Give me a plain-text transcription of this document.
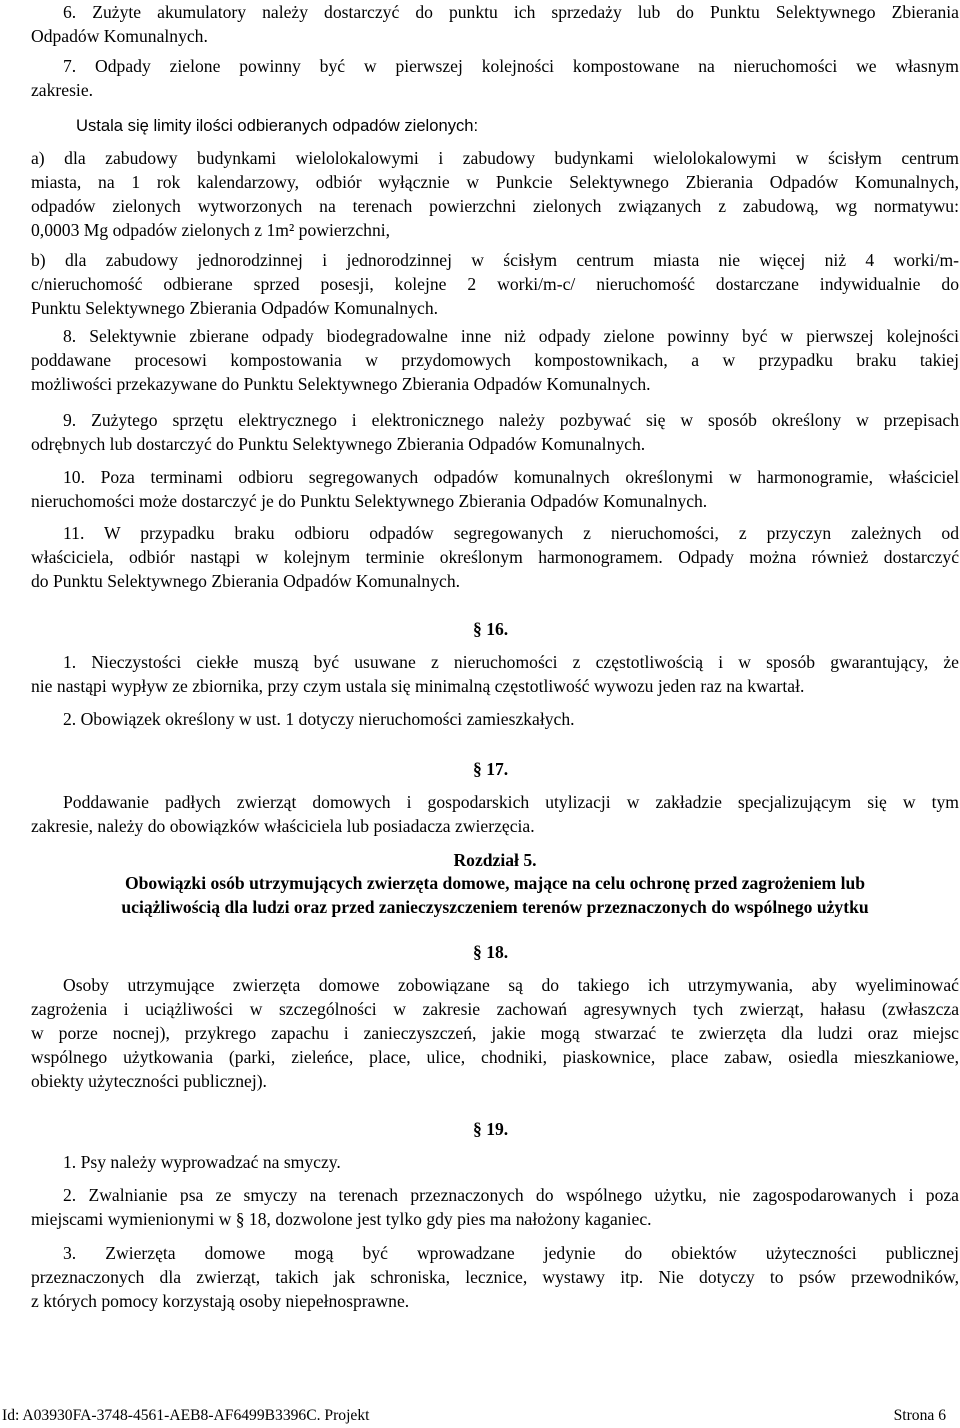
6. Zużyte akumulatory należy dostarczyć do punktu ich sprzedaży lub do Punktu Selektywnego Zbierania
Odpadów Komunalnych.
7. Odpady zielone powinny być w pierwszej kolejności kompostowane na nieruchomości we własnym
zakresie.
Ustala się limity ilości odbieranych odpadów zielonych:
a) dla zabudowy budynkami wielolokalowymi i zabudowy budynkami wielolokalowymi w ścisłym centrum
miasta, na 1 rok kalendarzowy, odbiór wyłącznie w Punkcie Selektywnego Zbierania Odpadów Komunalnych,
odpadów zielonych wytworzonych na terenach powierzchni zielonych związanych z zabudową, wg normatywu:
0,0003 Mg odpadów zielonych z 1m² powierzchni,
b) dla zabudowy jednorodzinnej i jednorodzinnej w ścisłym centrum miasta nie więcej niż 4 worki/m-
c/nieruchomość odbierane sprzed posesji, kolejne 2 worki/m-c/ nieruchomość dostarczane indywidualnie do
Punktu Selektywnego Zbierania Odpadów Komunalnych.
8. Selektywnie zbierane odpady biodegradowalne inne niż odpady zielone powinny być w pierwszej kolejności
poddawane procesowi kompostowania w przydomowych kompostownikach, a w przypadku braku takiej
możliwości przekazywane do Punktu Selektywnego Zbierania Odpadów Komunalnych.
9. Zużytego sprzętu elektrycznego i elektronicznego należy pozbywać się w sposób określony w przepisach
odrębnych lub dostarczyć do Punktu Selektywnego Zbierania Odpadów Komunalnych.
10. Poza terminami odbioru segregowanych odpadów komunalnych określonymi w harmonogramie, właściciel
nieruchomości może dostarczyć je do Punktu Selektywnego Zbierania Odpadów Komunalnych.
11. W przypadku braku odbioru odpadów segregowanych z nieruchomości, z przyczyn zależnych od
właściciela, odbiór nastąpi w kolejnym terminie określonym harmonogramem. Odpady można również dostarczyć
do Punktu Selektywnego Zbierania Odpadów Komunalnych.
§ 16.
1. Nieczystości ciekłe muszą być usuwane z nieruchomości z częstotliwością i w sposób gwarantujący, że
nie nastąpi wypływ ze zbiornika, przy czym ustala się minimalną częstotliwość wywozu jeden raz na kwartał.
2. Obowiązek określony w ust. 1 dotyczy nieruchomości zamieszkałych.
§ 17.
Poddawanie padłych zwierząt domowych i gospodarskich utylizacji w zakładzie specjalizującym się w tym
zakresie, należy do obowiązków właściciela lub posiadacza zwierzęcia.
Rozdział 5.
Obowiązki osób utrzymujących zwierzęta domowe, mające na celu ochronę przed zagrożeniem lub
uciążliwością dla ludzi oraz przed zanieczyszczeniem terenów przeznaczonych do wspólnego użytku
§ 18.
Osoby utrzymujące zwierzęta domowe zobowiązane są do takiego ich utrzymywania, aby wyeliminować
zagrożenia i uciążliwości w szczególności w zakresie zachowań agresywnych tych zwierząt, hałasu (zwłaszcza
w porze nocnej), przykrego zapachu i zanieczyszczeń, jakie mogą stwarzać te zwierzęta dla ludzi oraz miejsc
wspólnego użytkowania (parki, zieleńce, place, ulice, chodniki, piaskownice, place zabaw, osiedla mieszkaniowe,
obiekty użyteczności publicznej).
§ 19.
1. Psy należy wyprowadzać na smyczy.
2. Zwalnianie psa ze smyczy na terenach przeznaczonych do wspólnego użytku, nie zagospodarowanych i poza
miejscami wymienionymi w § 18, dozwolone jest tylko gdy pies ma nałożony kaganiec.
3. Zwierzęta domowe mogą być wprowadzane jedynie do obiektów użyteczności publicznej
przeznaczonych dla zwierząt, takich jak schroniska, lecznice, wystawy itp. Nie dotyczy to psów przewodników,
z których pomocy korzystają osoby niepełnosprawne.
Id: A03930FA-3748-4561-AEB8-AF6499B3396C. Projekt	Strona 6
